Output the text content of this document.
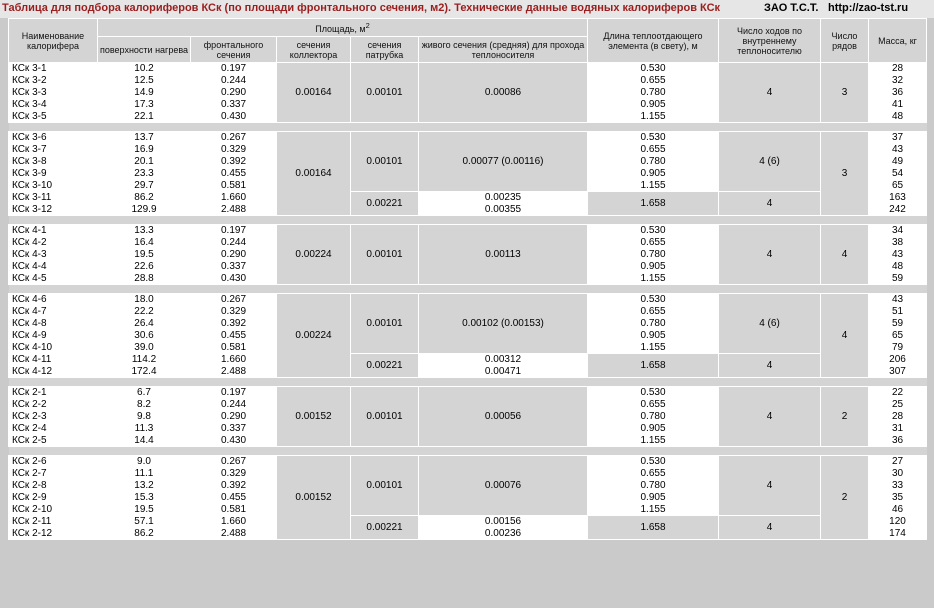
Таблица для подбора калориферов КСк (по площади фронтального сечения, м2). Технические данные водяных калориферов КСк	ЗАО Т.С.Т. http://zao-tst.ru
Наименование калорифера	Площадь, $м^2$					Длина теплоотдающего элемента (в свету), м	Число ходов по внутреннему теплоносителю	Число рядов	Масса, кг
	поверхности нагрева	фронтального сечения	сечения коллектора	сечения патрубка	живого сечения (средняя) для прохода теплоносителя				
КСк 3-1	10.2	0.197	0.00164	0.00101	0.00086	0.530	4	3	28
КСк 3-2	12.5	0.244				0.655			32
КСк 3-3	14.9	0.290				0.780			36
КСк 3-4	17.3	0.337				0.905			41
КСк 3-5	22.1	0.430				1.155			48

КСк 3-6	13.7	0.267	0.00164	0.00101	0.00077 (0.00116)	0.530	4 (6)	3	37
КСк 3-7	16.9	0.329				0.655			43
КСк 3-8	20.1	0.392				0.780			49
КСк 3-9	23.3	0.455				0.905			54
КСк 3-10	29.7	0.581				1.155			65
КСк 3-11	86.2	1.660		0.00221	0.00235	1.658	4		163
КСк 3-12	129.9	2.488			0.00355				242

КСк 4-1	13.3	0.197	0.00224	0.00101	0.00113	0.530	4	4	34
КСк 4-2	16.4	0.244				0.655			38
КСк 4-3	19.5	0.290				0.780			43
КСк 4-4	22.6	0.337				0.905			48
КСк 4-5	28.8	0.430				1.155			59

КСк 4-6	18.0	0.267	0.00224	0.00101	0.00102 (0.00153)	0.530	4 (6)	4	43
КСк 4-7	22.2	0.329				0.655			51
КСк 4-8	26.4	0.392				0.780			59
КСк 4-9	30.6	0.455				0.905			65
КСк 4-10	39.0	0.581				1.155			79
КСк 4-11	114.2	1.660		0.00221	0.00312	1.658	4		206
КСк 4-12	172.4	2.488			0.00471				307

КСк 2-1	6.7	0.197	0.00152	0.00101	0.00056	0.530	4	2	22
КСк 2-2	8.2	0.244				0.655			25
КСк 2-3	9.8	0.290				0.780			28
КСк 2-4	11.3	0.337				0.905			31
КСк 2-5	14.4	0.430				1.155			36

КСк 2-6	9.0	0.267	0.00152	0.00101	0.00076	0.530	4	2	27
КСк 2-7	11.1	0.329				0.655			30
КСк 2-8	13.2	0.392				0.780			33
КСк 2-9	15.3	0.455				0.905			35
КСк 2-10	19.5	0.581				1.155			46
КСк 2-11	57.1	1.660		0.00221	0.00156	1.658	4		120
КСк 2-12	86.2	2.488			0.00236				174
